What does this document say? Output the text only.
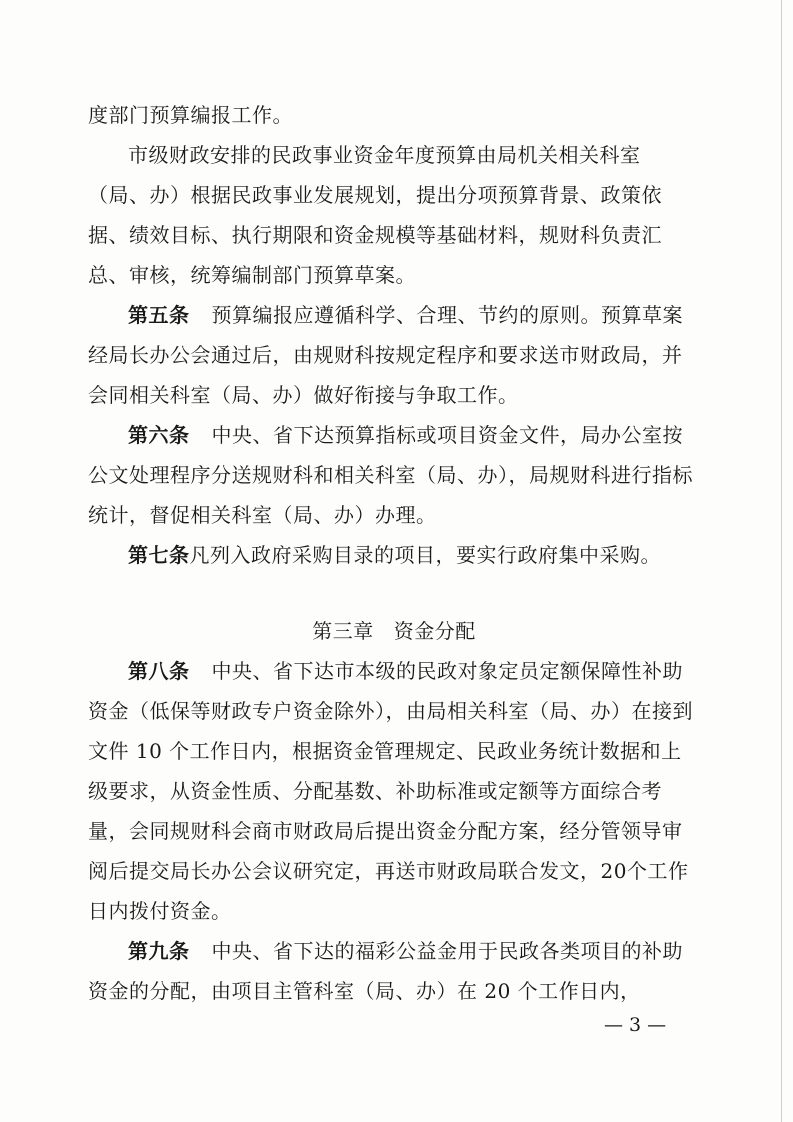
度部门预算编报工作。

市级财政安排的民政事业资金年度预算由局机关相关科室（局、办）根据民政事业发展规划，提出分项预算背景、政策依据、绩效目标、执行期限和资金规模等基础材料，规财科负责汇总、审核，统筹编制部门预算草案。

第五条 预算编报应遵循科学、合理、节约的原则。预算草案经局长办公会通过后，由规财科按规定程序和要求送市财政局，并会同相关科室（局、办）做好衔接与争取工作。

第六条 中央、省下达预算指标或项目资金文件，局办公室按公文处理程序分送规财科和相关科室（局、办），局规财科进行指标统计，督促相关科室（局、办）办理。

第七条凡列入政府采购目录的项目，要实行政府集中采购。

第三章 资金分配

第八条 中央、省下达市本级的民政对象定员定额保障性补助资金（低保等财政专户资金除外），由局相关科室（局、办）在接到文件 10 个工作日内，根据资金管理规定、民政业务统计数据和上级要求，从资金性质、分配基数、补助标准或定额等方面综合考量，会同规财科会商市财政局后提出资金分配方案，经分管领导审阅后提交局长办公会议研究定，再送市财政局联合发文，20个工作日内拨付资金。

第九条 中央、省下达的福彩公益金用于民政各类项目的补助资金的分配，由项目主管科室（局、办）在 20 个工作日内，

— 3 —
